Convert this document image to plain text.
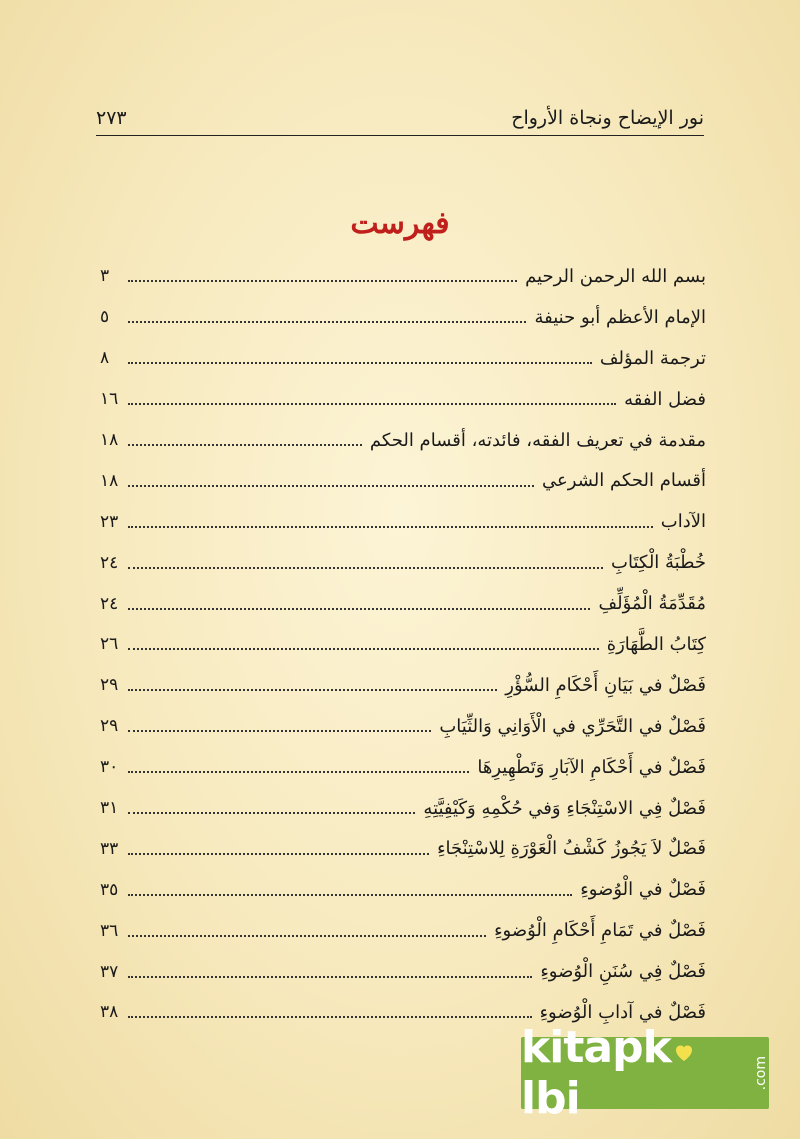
نور الإيضاح ونجاة الأرواح
٢٧٣
فهرست
بسم الله الرحمن الرحيم
٣
الإمام الأعظم أبو حنيفة
٥
ترجمة المؤلف
٨
فضل الفقه
١٦
مقدمة في تعريف الفقه، فائدته، أقسام الحكم
١٨
أقسام الحكم الشرعي
١٨
الآداب
٢٣
خُطْبَةُ الْكِتَابِ
٢٤
مُقَدِّمَةُ الْمُؤَلِّفِ
٢٤
كِتَابُ الطَّهَارَةِ
٢٦
فَصْلٌ في بَيَانِ أَحْكَامِ السُّؤْرِ
٢٩
فَصْلٌ في التَّحَرِّي في الْأَوَانِي وَالثِّيَابِ
٢٩
فَصْلٌ في أَحْكَامِ الآبَارِ وَتَطْهِيرِهَا
٣٠
فَصْلٌ فِي الاسْتِنْجَاءِ وَفي حُكْمِهِ وَكَيْفِيَّتِهِ
٣١
فَصْلٌ لاَ يَجُوزُ كَشْفُ الْعَوْرَةِ لِلاسْتِنْجَاءِ
٣٣
فَصْلٌ في الْوُضوءِ
٣٥
فَصْلٌ في تَمَامِ أَحْكَامِ الْوُضوءِ
٣٦
فَصْلٌ فِي سُنَنِ الْوُضوءِ
٣٧
فَصْلٌ في آدابِ الْوُضوءِ
٣٨
kitapklbi
.com
